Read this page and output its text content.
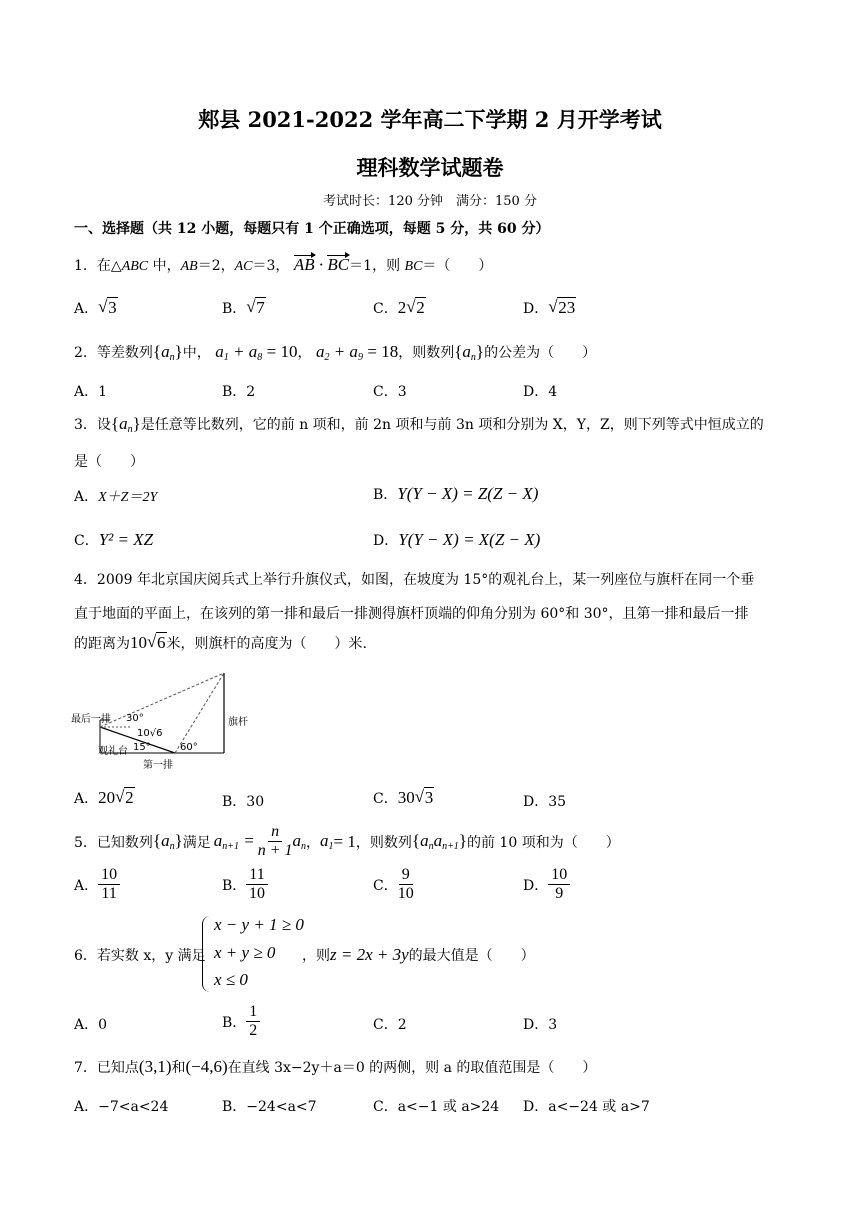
郏县 2021-2022 学年高二下学期 2 月开学考试
理科数学试题卷
考试时长：120 分钟　满分：150 分
一、选择题（共 12 小题，每题只有 1 个正确选项，每题 5 分，共 60 分）
1．在△ABC 中，AB＝2，AC＝3， AB · BC＝1，则 BC＝（　　）
A． √ 3	B． √ 7	C．2 √ 2	D． √ 23
2．等差数列$\{a_n\}$中， $a_1 + a_8 = 10$， $a_2 + a_9 = 18$，则数列$\{a_n\}$的公差为（　　）
A．1	B．2	C．3	D．4
3．设$\{a_n\}$是任意等比数列，它的前 n 项和，前 2n 项和与前 3n 项和分别为 X，Y，Z，则下列等式中恒成立的
是（　　）
A．X＋Z＝2Y	B．Y(Y − X) = Z(Z − X)
C．Y² = XZ	D．Y(Y − X) = X(Z − X)
4．2009 年北京国庆阅兵式上举行升旗仪式，如图，在坡度为 15°的观礼台上，某一列座位与旗杆在同一个垂
直于地面的平面上，在该列的第一排和最后一排测得旗杆顶端的仰角分别为 60°和 30°，且第一排和最后一排
的距离为10 √ 6米，则旗杆的高度为（　　）米.
最后一排 30°
10√6
观礼台 15°	60°
第一排
旗杆
A．20 √ 2	B．30	C．30 √ 3	D．35
5．已知数列 $\{a_n\}$ 满足 $a_{n+1} = \frac{n}{n + 1} a_n$ ， $a_1 = 1$ ，则数列 $\{a_na_{n+1}\}$ 的前 10 项和为（　　）
A． $\frac{10}{11}$	B． $\frac{11}{10}$	C． $\frac{9}{10}$	D． $\frac{10}{9}$
6．若实数 x，y 满足
x − y + 1 ≥ 0
x + y ≥ 0
x ≤ 0
，则z = 2x + 3y的最大值是（　　）
A．0	B． $\frac{1}{2}$	C．2	D．3
7．已知点(3,1)和(−4,6)在直线 3x−2y＋a＝0 的两侧，则 a 的取值范围是（　　）
A．−7<a<24	B．−24<a<7	C．a<−1 或 a>24 D．a<−24 或 a>7
